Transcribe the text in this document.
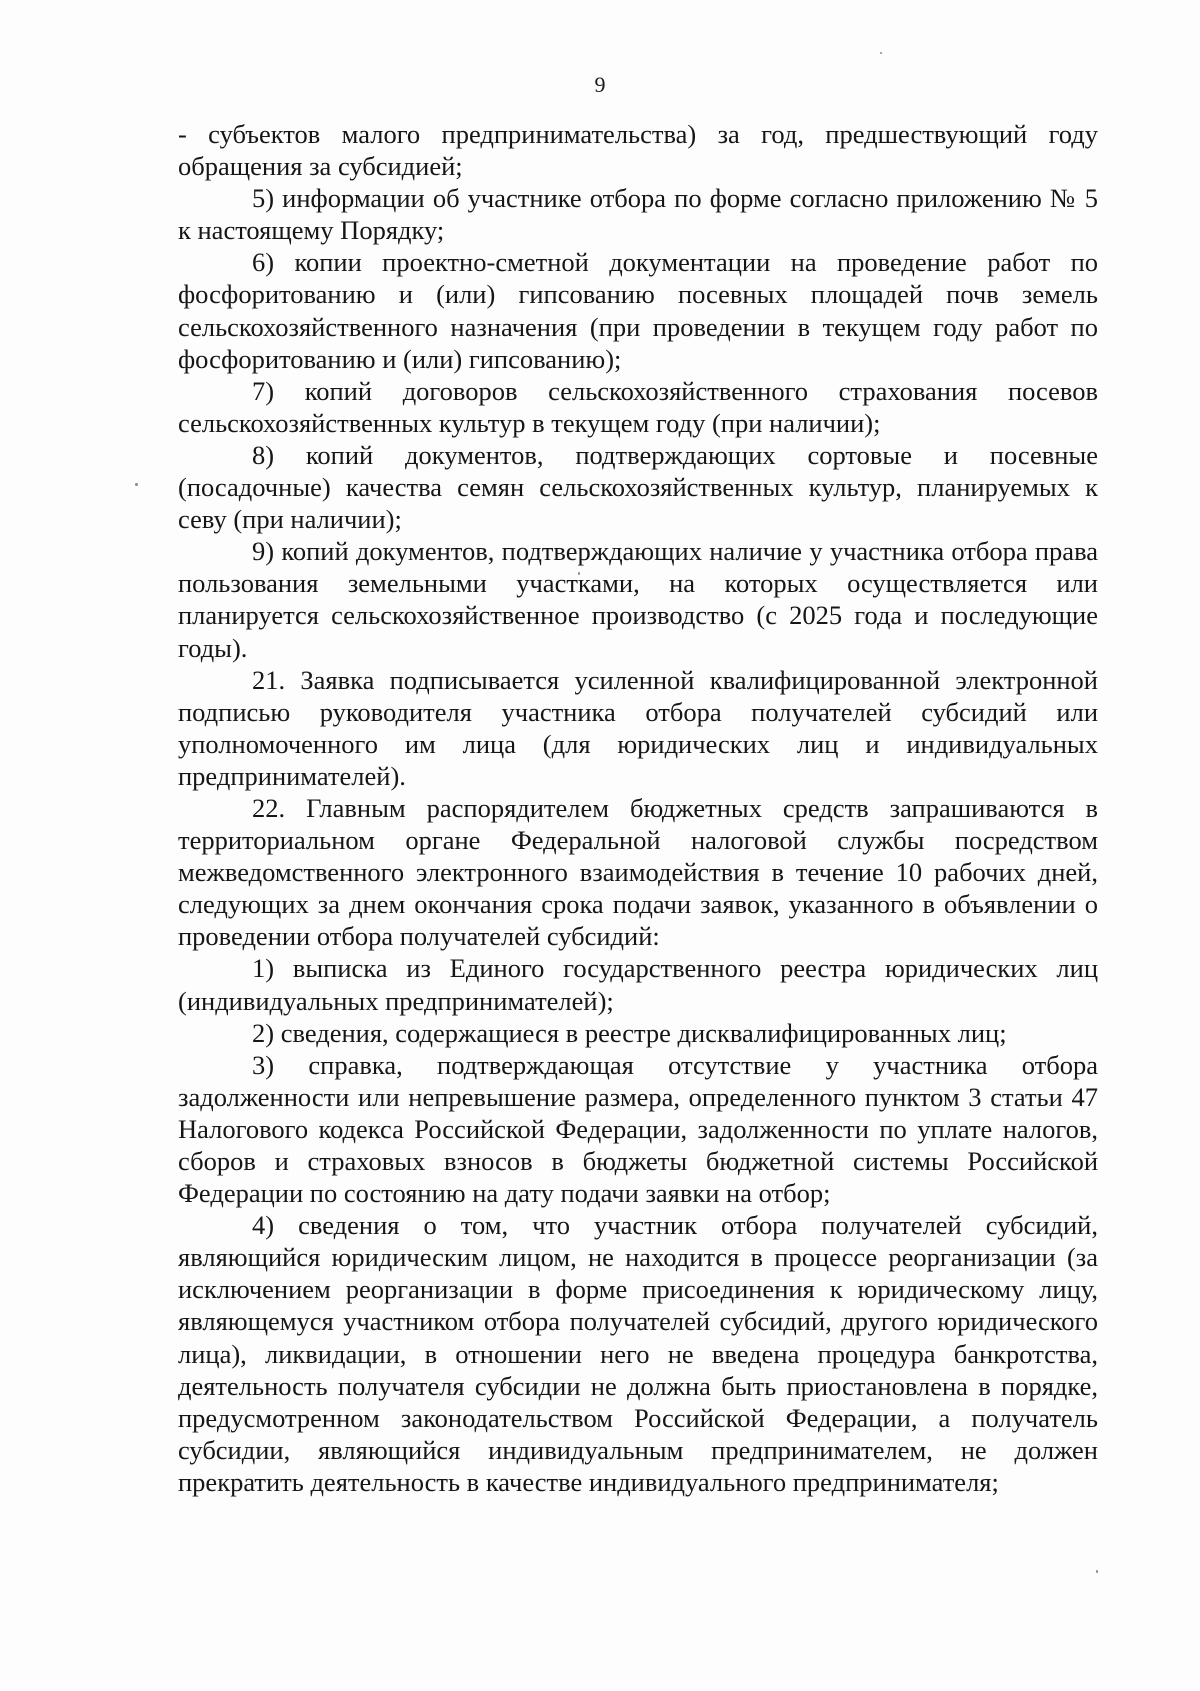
9

- субъектов малого предпринимательства) за год, предшествующий году обращения за субсидией;

5) информации об участнике отбора по форме согласно приложению № 5 к настоящему Порядку;

6) копии проектно-сметной документации на проведение работ по фосфоритованию и (или) гипсованию посевных площадей почв земель сельскохозяйственного назначения (при проведении в текущем году работ по фосфоритованию и (или) гипсованию);

7) копий договоров сельскохозяйственного страхования посевов сельскохозяйственных культур в текущем году (при наличии);

8) копий документов, подтверждающих сортовые и посевные (посадочные) качества семян сельскохозяйственных культур, планируемых к севу (при наличии);

9) копий документов, подтверждающих наличие у участника отбора права пользования земельными участками, на которых осуществляется или планируется сельскохозяйственное производство (с 2025 года и последующие годы).

21. Заявка подписывается усиленной квалифицированной электронной подписью руководителя участника отбора получателей субсидий или уполномоченного им лица (для юридических лиц и индивидуальных предпринимателей).

22. Главным распорядителем бюджетных средств запрашиваются в территориальном органе Федеральной налоговой службы посредством межведомственного электронного взаимодействия в течение 10 рабочих дней, следующих за днем окончания срока подачи заявок, указанного в объявлении о проведении отбора получателей субсидий:

1) выписка из Единого государственного реестра юридических лиц (индивидуальных предпринимателей);

2) сведения, содержащиеся в реестре дисквалифицированных лиц;

3) справка, подтверждающая отсутствие у участника отбора задолженности или непревышение размера, определенного пунктом 3 статьи 47 Налогового кодекса Российской Федерации, задолженности по уплате налогов, сборов и страховых взносов в бюджеты бюджетной системы Российской Федерации по состоянию на дату подачи заявки на отбор;

4) сведения о том, что участник отбора получателей субсидий, являющийся юридическим лицом, не находится в процессе реорганизации (за исключением реорганизации в форме присоединения к юридическому лицу, являющемуся участником отбора получателей субсидий, другого юридического лица), ликвидации, в отношении него не введена процедура банкротства, деятельность получателя субсидии не должна быть приостановлена в порядке, предусмотренном законодательством Российской Федерации, а получатель субсидии, являющийся индивидуальным предпринимателем, не должен прекратить деятельность в качестве индивидуального предпринимателя;
